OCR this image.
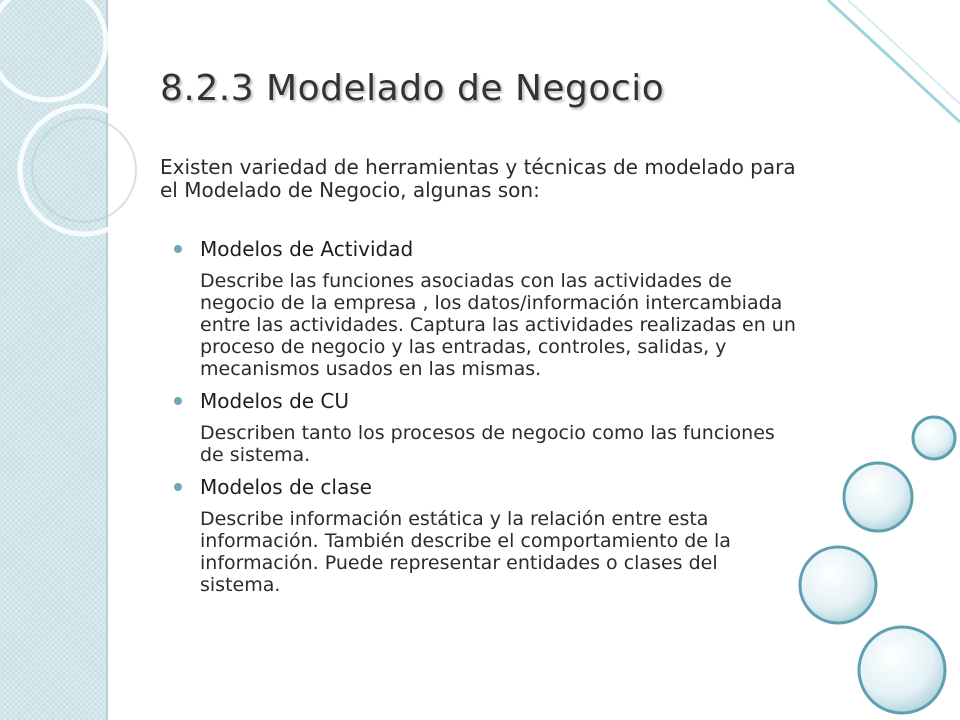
8.2.3 Modelado de Negocio

Existen variedad de herramientas y técnicas de modelado para el Modelado de Negocio, algunas son:

Modelos de Actividad
Describe las funciones asociadas con las actividades de negocio de la empresa , los datos/información intercambiada entre las actividades. Captura las actividades realizadas en un proceso de negocio y las entradas, controles, salidas, y mecanismos usados en las mismas.
Modelos de CU
Describen tanto los procesos de negocio como las funciones de sistema.
Modelos de clase
Describe información estática y la relación entre esta información. También describe el comportamiento de la información. Puede representar entidades o clases del sistema.
